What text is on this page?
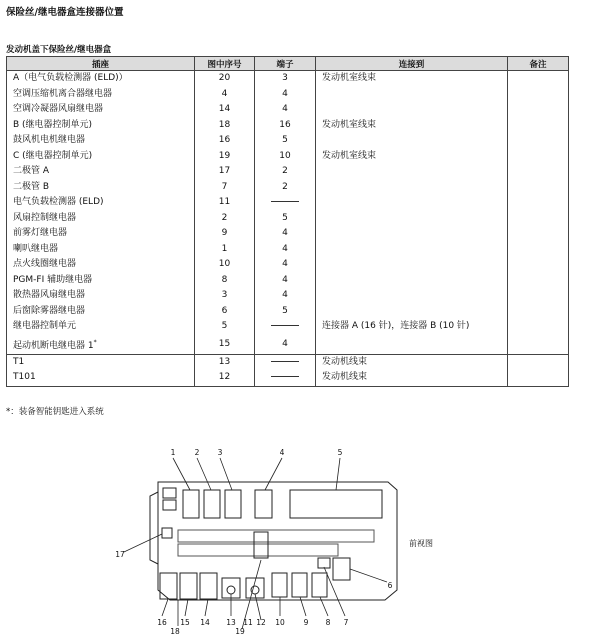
保险丝/继电器盒连接器位置
发动机盖下保险丝/继电器盒
插座	图中序号	端子	连接到	备注
A（电气负载检测器 (ELD)）	20	3	发动机室线束	
空调压缩机离合器继电器	4	4		
空调冷凝器风扇继电器	14	4		
B (继电器控制单元)	18	16	发动机室线束	
鼓风机电机继电器	16	5		
C (继电器控制单元)	19	10	发动机室线束	
二极管 A	17	2		
二极管 B	7	2		
电气负载检测器 (ELD)	11			
风扇控制继电器	2	5		
前雾灯继电器	9	4		
喇叭继电器	1	4		
点火线圈继电器	10	4		
PGM-FI 辅助继电器	8	4		
散热器风扇继电器	3	4		
后窗除雾器继电器	6	5		
继电器控制单元	5		连接器 A (16 针)，连接器 B (10 针)	
起动机断电继电器 1*	15	4		
T1	13		发动机线束	
T101	12		发动机线束	
*：装备智能钥匙进入系统
1	2 3	4	5
6
7
8
9
10
11 12
13
14
15
16
17
18	19
前视图
